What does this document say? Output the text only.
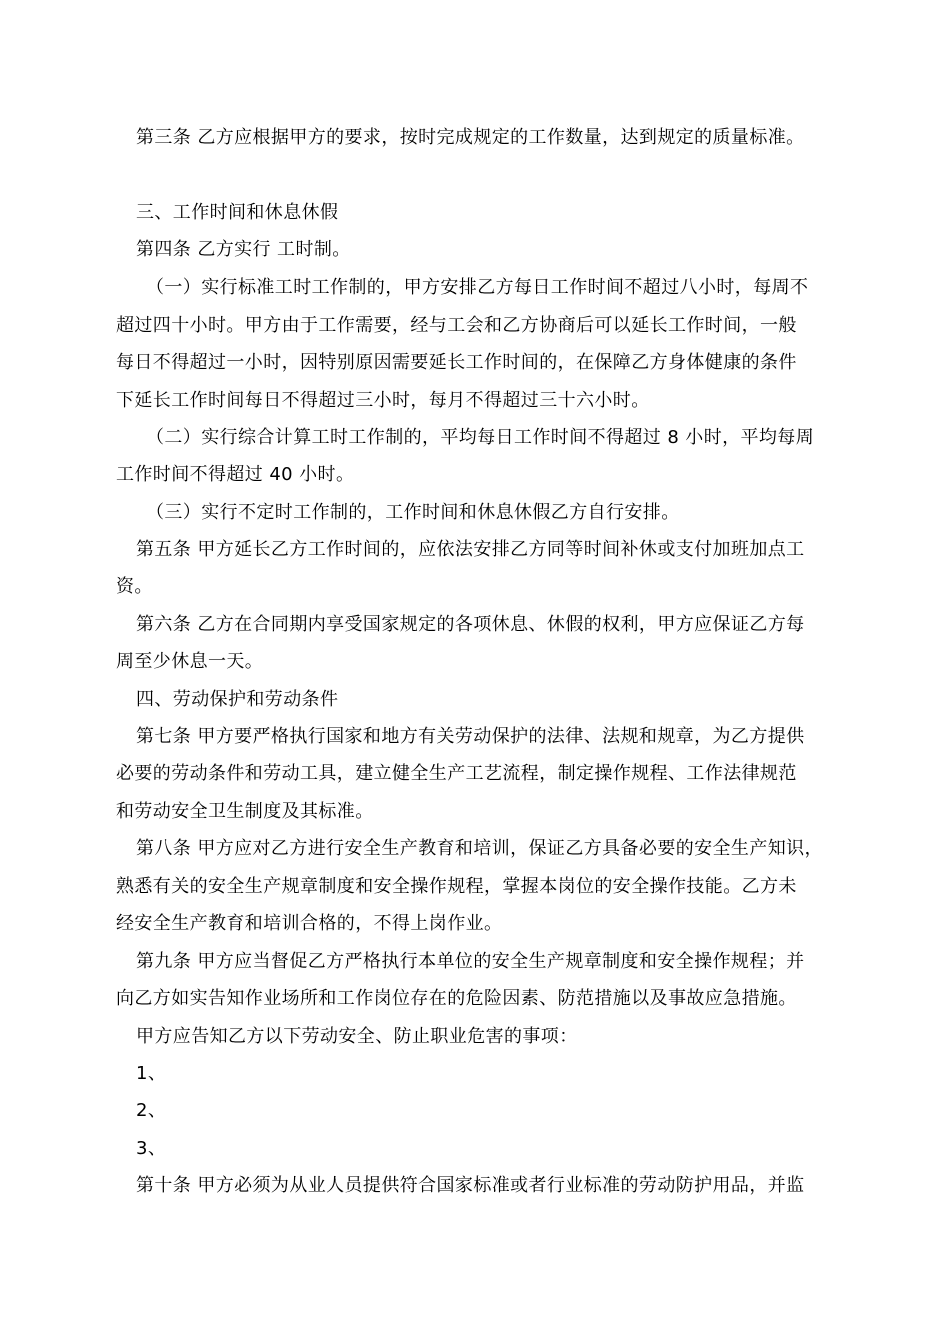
第三条 乙方应根据甲方的要求，按时完成规定的工作数量，达到规定的质量标准。
三、工作时间和休息休假
第四条 乙方实行 工时制。
（一）实行标准工时工作制的，甲方安排乙方每日工作时间不超过八小时，每周不
超过四十小时。甲方由于工作需要，经与工会和乙方协商后可以延长工作时间，一般
每日不得超过一小时，因特别原因需要延长工作时间的，在保障乙方身体健康的条件
下延长工作时间每日不得超过三小时，每月不得超过三十六小时。
（二）实行综合计算工时工作制的，平均每日工作时间不得超过 8 小时，平均每周
工作时间不得超过 40 小时。
（三）实行不定时工作制的，工作时间和休息休假乙方自行安排。
第五条 甲方延长乙方工作时间的，应依法安排乙方同等时间补休或支付加班加点工
资。
第六条 乙方在合同期内享受国家规定的各项休息、休假的权利，甲方应保证乙方每
周至少休息一天。
四、劳动保护和劳动条件
第七条 甲方要严格执行国家和地方有关劳动保护的法律、法规和规章，为乙方提供
必要的劳动条件和劳动工具，建立健全生产工艺流程，制定操作规程、工作法律规范
和劳动安全卫生制度及其标准。
第八条 甲方应对乙方进行安全生产教育和培训，保证乙方具备必要的安全生产知识，
熟悉有关的安全生产规章制度和安全操作规程，掌握本岗位的安全操作技能。乙方未
经安全生产教育和培训合格的，不得上岗作业。
第九条 甲方应当督促乙方严格执行本单位的安全生产规章制度和安全操作规程；并
向乙方如实告知作业场所和工作岗位存在的危险因素、防范措施以及事故应急措施。
甲方应告知乙方以下劳动安全、防止职业危害的事项：
1、
2、
3、
第十条 甲方必须为从业人员提供符合国家标准或者行业标准的劳动防护用品，并监
